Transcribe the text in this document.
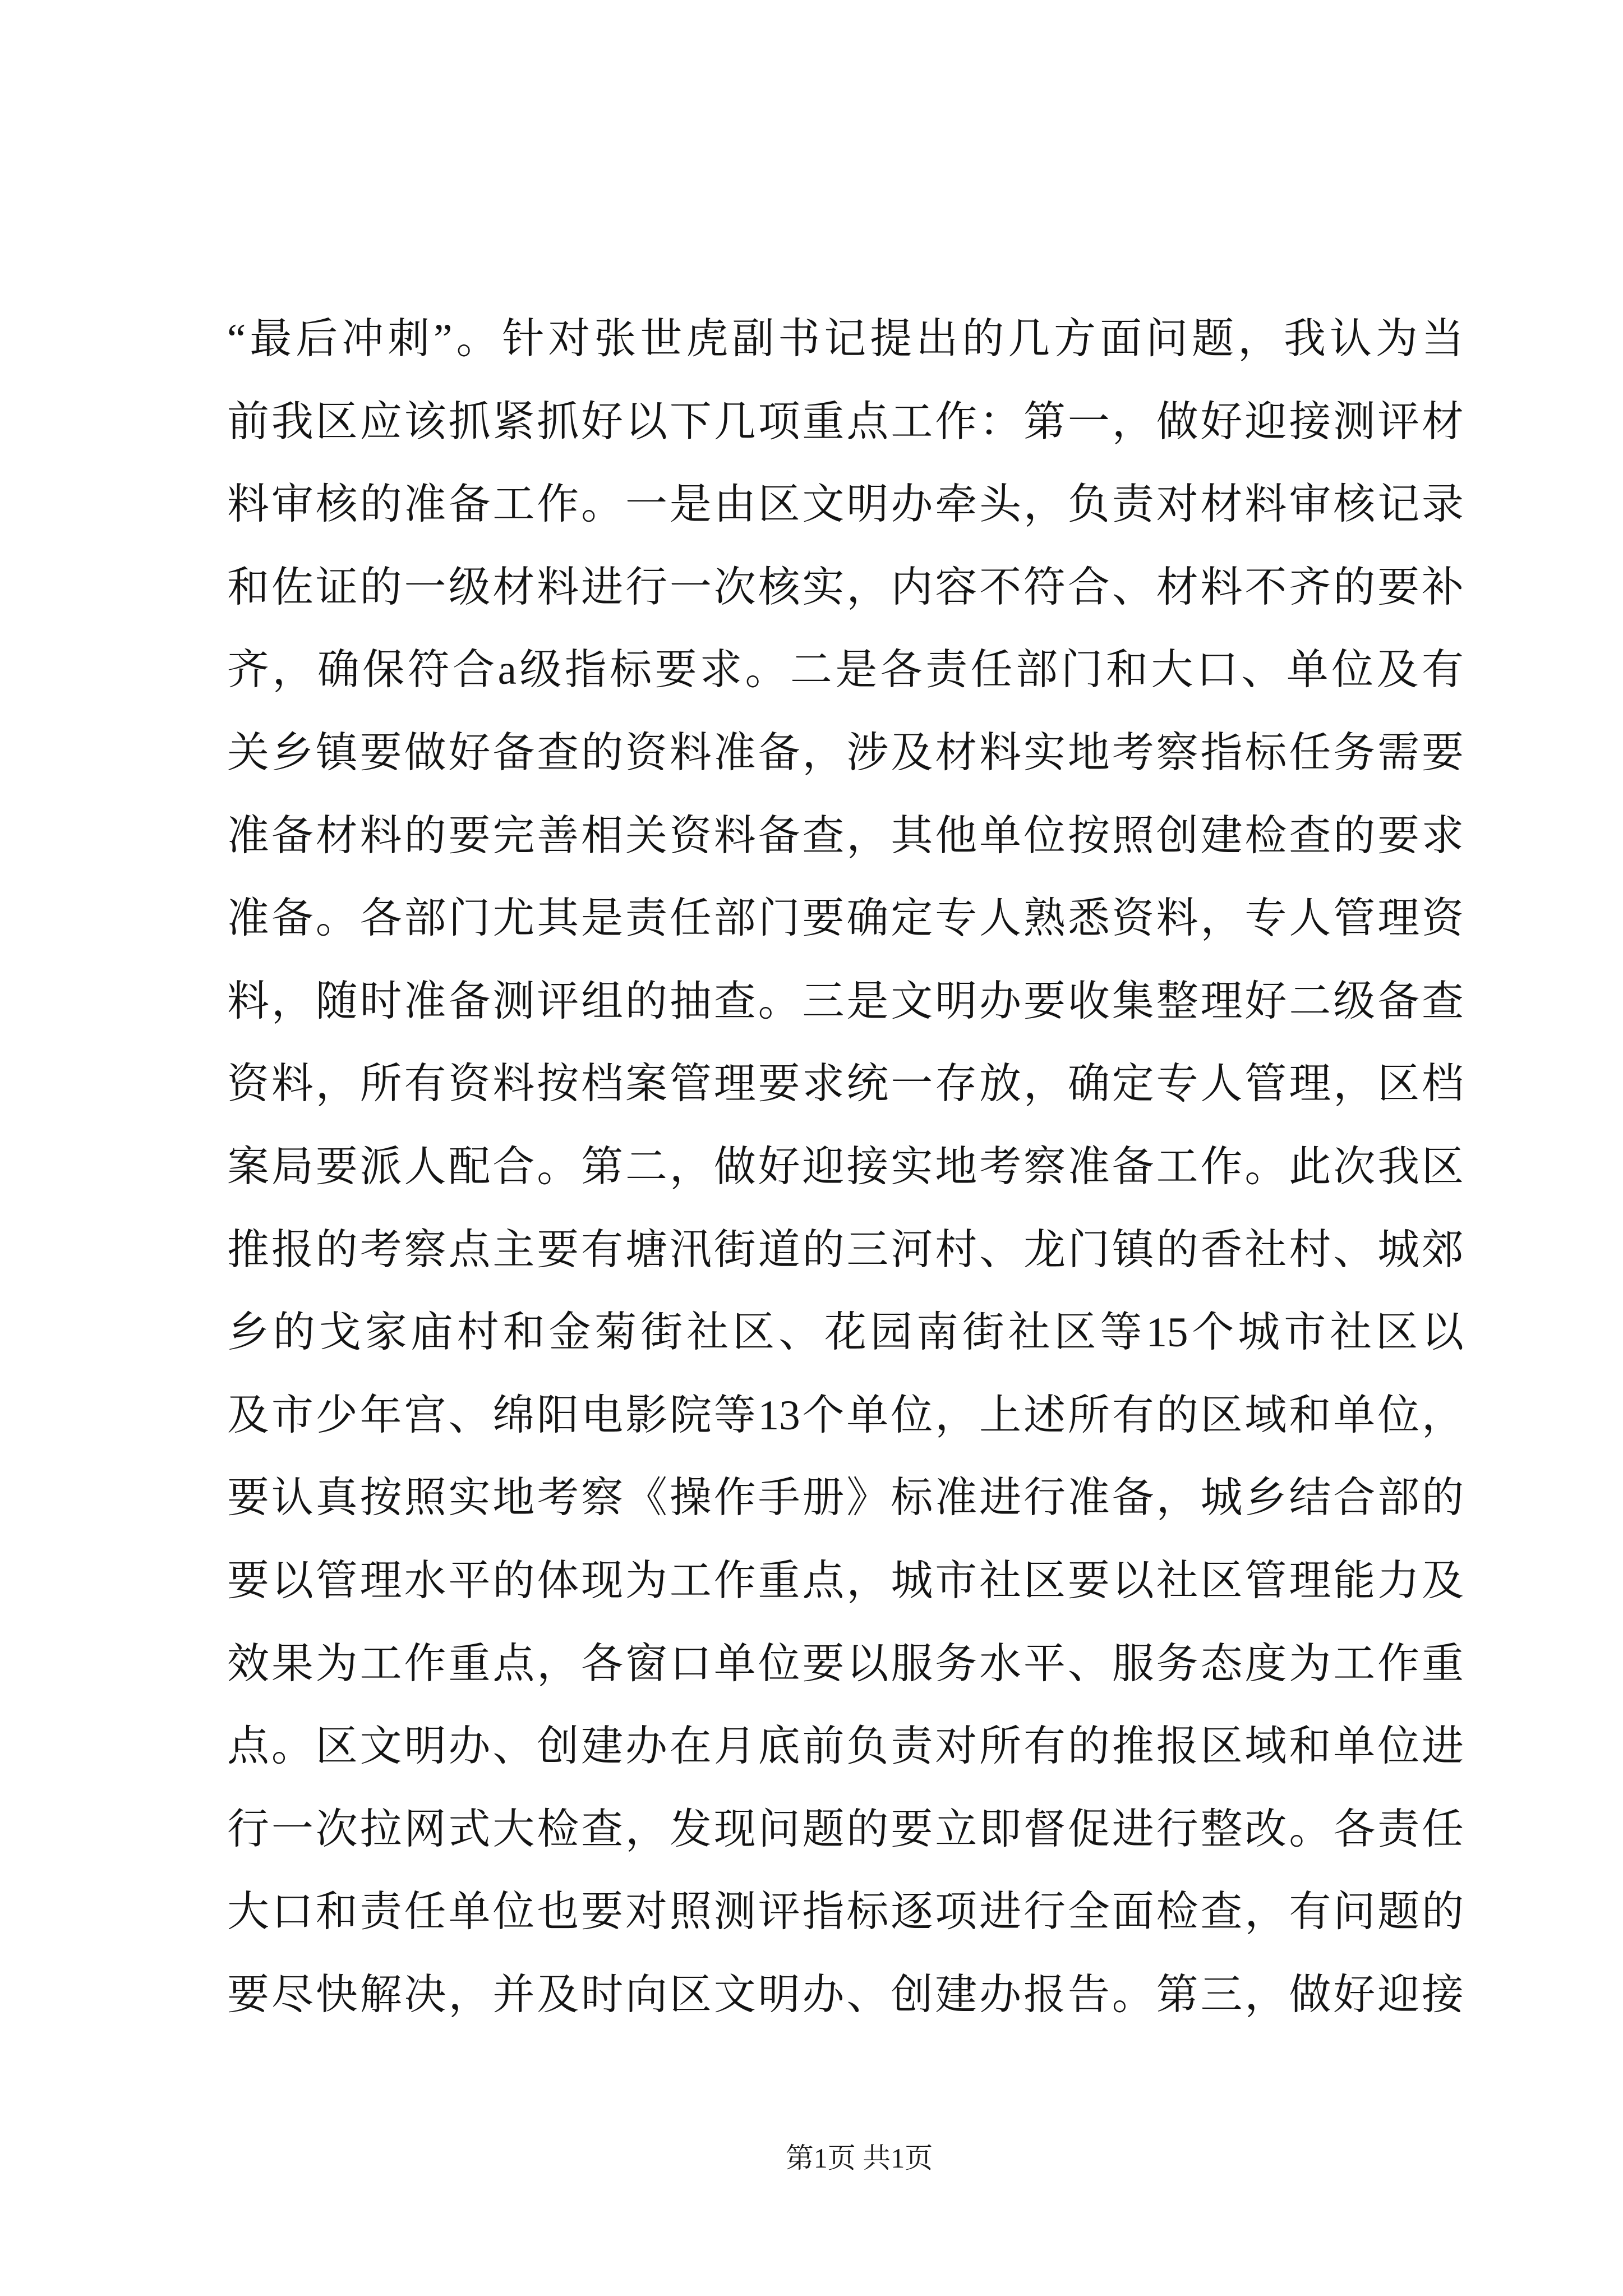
“最后冲刺”。针对张世虎副书记提出的几方面问题，我认为当
前我区应该抓紧抓好以下几项重点工作：第一，做好迎接测评材
料审核的准备工作。一是由区文明办牵头，负责对材料审核记录
和佐证的一级材料进行一次核实，内容不符合、材料不齐的要补
齐，确保符合a级指标要求。二是各责任部门和大口、单位及有
关乡镇要做好备查的资料准备，涉及材料实地考察指标任务需要
准备材料的要完善相关资料备查，其他单位按照创建检查的要求
准备。各部门尤其是责任部门要确定专人熟悉资料，专人管理资
料，随时准备测评组的抽查。三是文明办要收集整理好二级备查
资料，所有资料按档案管理要求统一存放，确定专人管理，区档
案局要派人配合。第二，做好迎接实地考察准备工作。此次我区
推报的考察点主要有塘汛街道的三河村、龙门镇的香社村、城郊
乡的戈家庙村和金菊街社区、花园南街社区等15个城市社区以
及市少年宫、绵阳电影院等13个单位，上述所有的区域和单位，
要认真按照实地考察《操作手册》标准进行准备，城乡结合部的
要以管理水平的体现为工作重点，城市社区要以社区管理能力及
效果为工作重点，各窗口单位要以服务水平、服务态度为工作重
点。区文明办、创建办在月底前负责对所有的推报区域和单位进
行一次拉网式大检查，发现问题的要立即督促进行整改。各责任
大口和责任单位也要对照测评指标逐项进行全面检查，有问题的
要尽快解决，并及时向区文明办、创建办报告。第三，做好迎接
第1页 共1页
